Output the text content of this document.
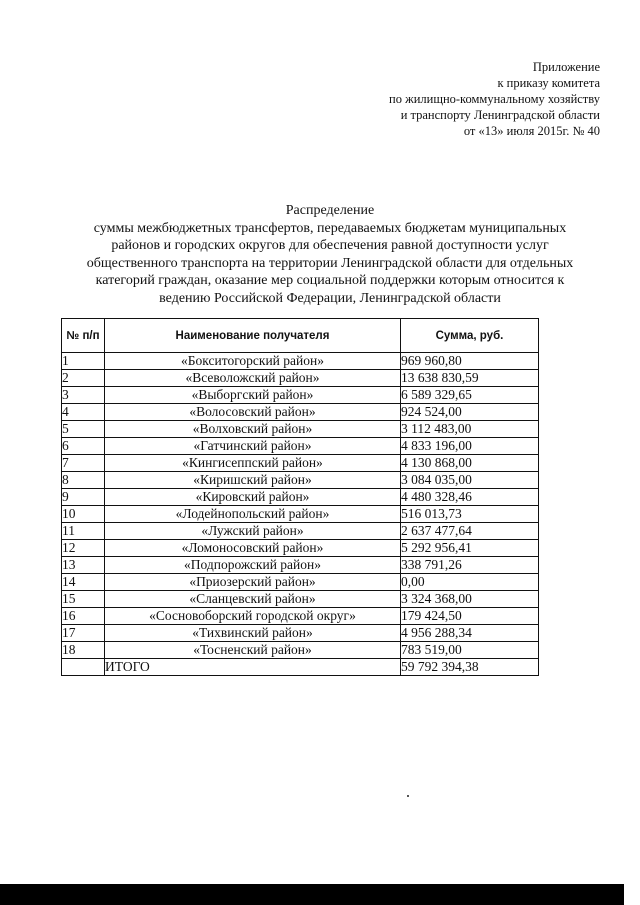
Приложение
к приказу комитета
по жилищно-коммунальному хозяйству
и транспорту Ленинградской области
от «13» июля 2015г. № 40
Распределение
суммы межбюджетных трансфертов, передаваемых бюджетам муниципальных
районов и городских округов для обеспечения равной доступности услуг
общественного транспорта на территории Ленинградской области для отдельных
категорий граждан, оказание мер социальной поддержки которым относится к
ведению Российской Федерации, Ленинградской области
№ п/п	Наименование получателя	Сумма, руб.
1	«Бокситогорский район»	969 960,80
2	«Всеволожский район»	13 638 830,59
3	«Выборгский район»	6 589 329,65
4	«Волосовский район»	924 524,00
5	«Волховский район»	3 112 483,00
6	«Гатчинский район»	4 833 196,00
7	«Кингисеппский район»	4 130 868,00
8	«Киришский район»	3 084 035,00
9	«Кировский район»	4 480 328,46
10	«Лодейнопольский район»	516 013,73
11	«Лужский район»	2 637 477,64
12	«Ломоносовский район»	5 292 956,41
13	«Подпорожский район»	338 791,26
14	«Приозерский район»	0,00
15	«Сланцевский район»	3 324 368,00
16	«Сосновоборский городской округ»	179 424,50
17	«Тихвинский район»	4 956 288,34
18	«Тосненский район»	783 519,00
	ИТОГО	59 792 394,38
